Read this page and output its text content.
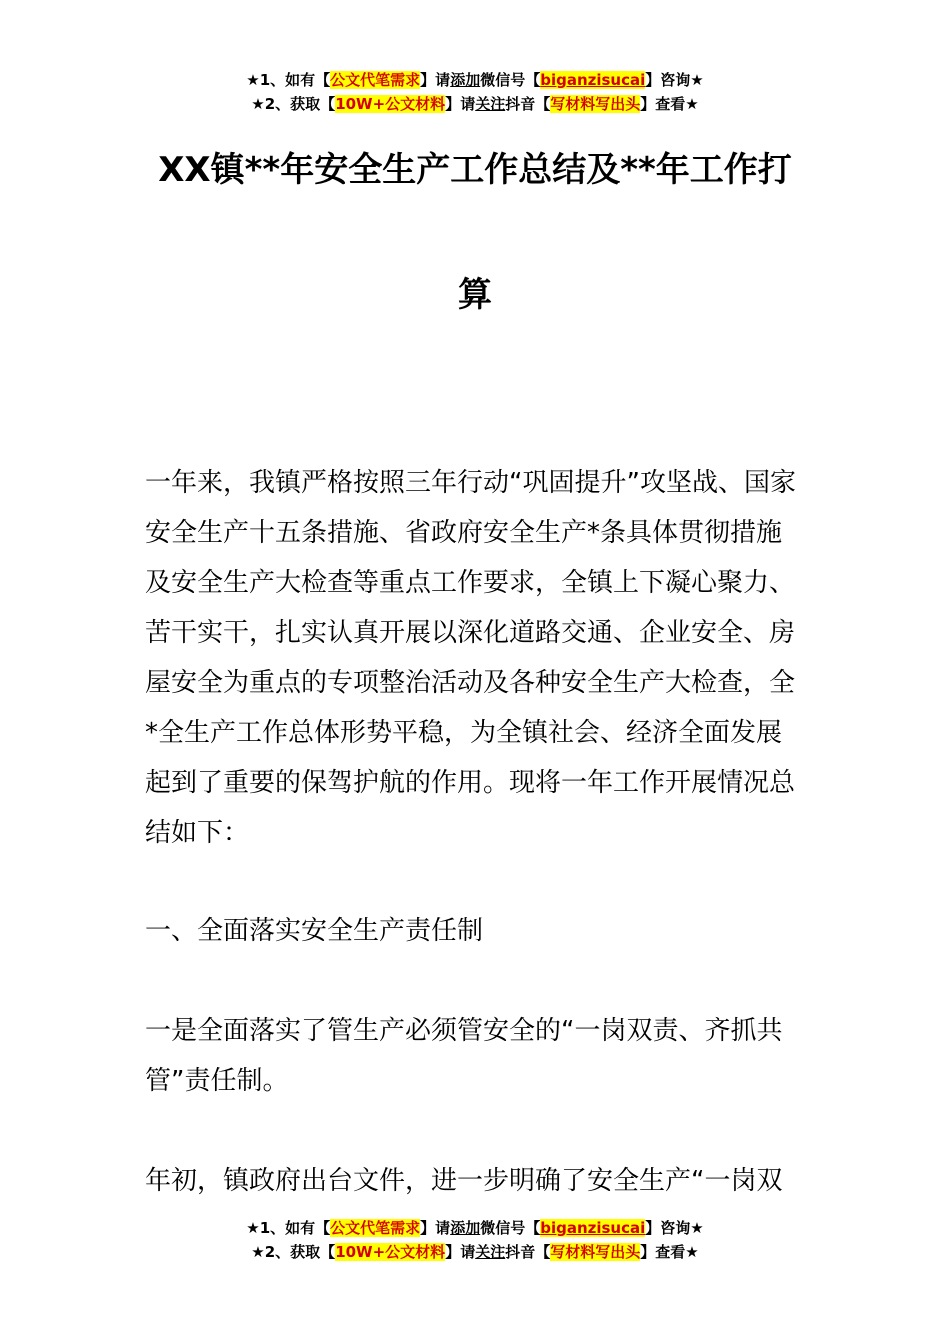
★1、如有【公文代笔需求】请添加微信号【biganzisucai】咨询★
★2、获取【10W+公文材料】请关注抖音【写材料写出头】查看★
XX镇**年安全生产工作总结及**年工作打
算

一年来，我镇严格按照三年行动“巩固提升”攻坚战、国家安全生产十五条措施、省政府安全生产*条具体贯彻措施及安全生产大检查等重点工作要求，全镇上下凝心聚力、苦干实干，扎实认真开展以深化道路交通、企业安全、房屋安全为重点的专项整治活动及各种安全生产大检查，全*全生产工作总体形势平稳，为全镇社会、经济全面发展起到了重要的保驾护航的作用。现将一年工作开展情况总结如下：

一、全面落实安全生产责任制

一是全面落实了管生产必须管安全的“一岗双责、齐抓共管”责任制。

年初，镇政府出台文件，进一步明确了安全生产“一岗双

★1、如有【公文代笔需求】请添加微信号【biganzisucai】咨询★
★2、获取【10W+公文材料】请关注抖音【写材料写出头】查看★
